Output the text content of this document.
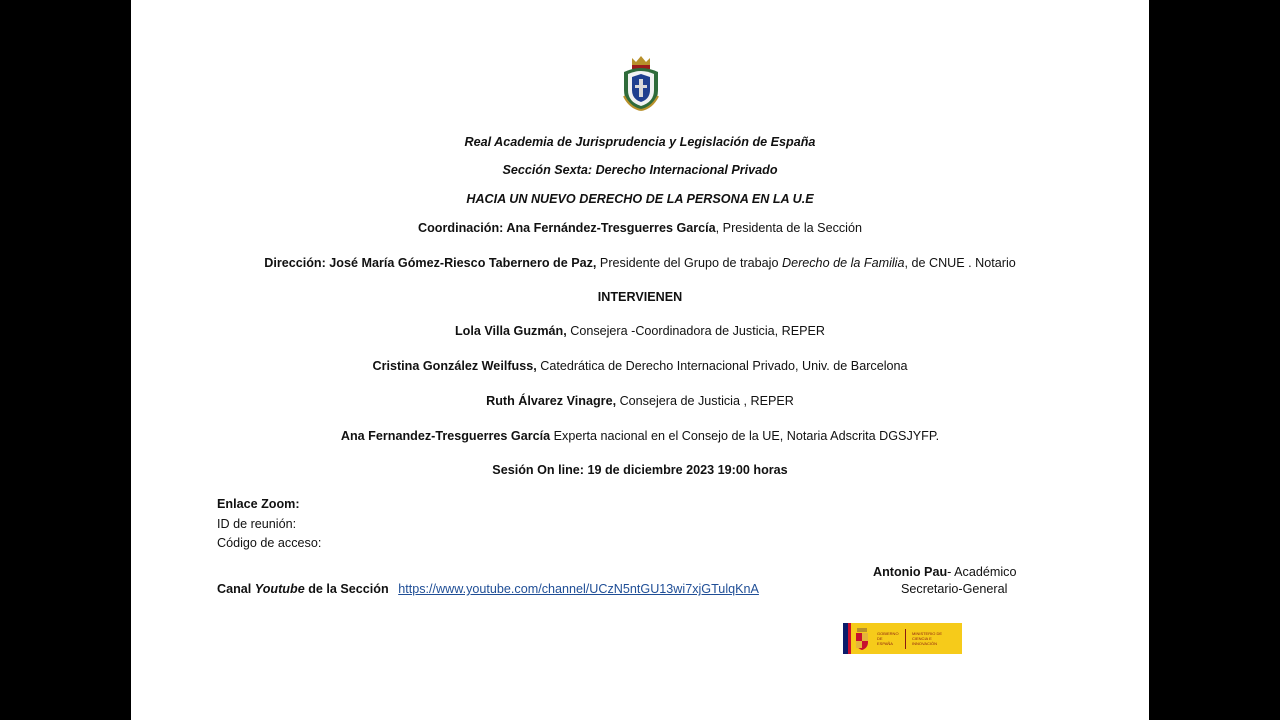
Real Academia de Jurisprudencia y Legislación de España
Sección Sexta: Derecho Internacional Privado
HACIA UN NUEVO DERECHO DE LA PERSONA EN LA U.E
Coordinación: Ana Fernández-Tresguerres García, Presidenta de la Sección
Dirección: José María Gómez-Riesco Tabernero de Paz, Presidente del Grupo de trabajo Derecho de la Familia, de CNUE . Notario
INTERVIENEN
Lola Villa Guzmán, Consejera -Coordinadora de Justicia, REPER
Cristina González Weilfuss, Catedrática de Derecho Internacional Privado, Univ. de Barcelona
Ruth Álvarez Vinagre, Consejera de Justicia , REPER
Ana Fernandez-Tresguerres García Experta nacional en el Consejo de la UE, Notaria Adscrita DGSJYFP.
Sesión On line: 19 de diciembre 2023 19:00 horas
Enlace Zoom:
ID de reunión:
Código de acceso:
Canal Youtube de la Sección https://www.youtube.com/channel/UCzN5ntGU13wi7xjGTulqKnA
Antonio Pau- Académico
Secretario-General
GOBIERNO DE ESPAÑA
MINISTERIO DE CIENCIA E INNOVACIÓN
